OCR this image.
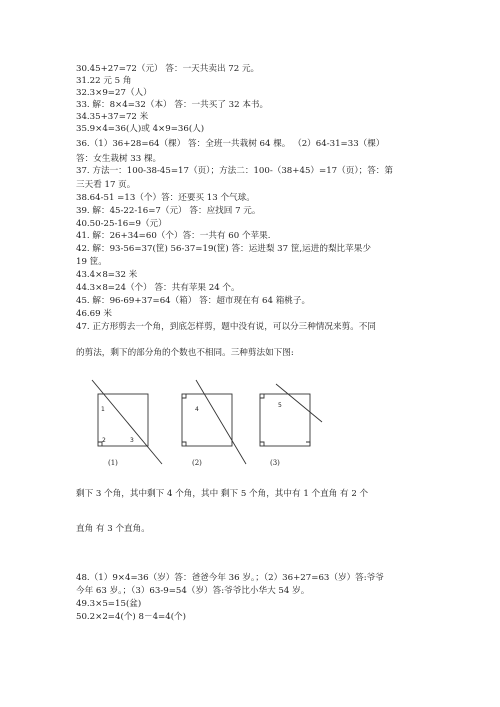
30.45+27=72（元） 答：一天共卖出 72 元。
31.22 元 5 角
32.3×9=27（人）
33. 解：8×4=32（本） 答：一共买了 32 本书。
34.35+37=72 米
35.9×4=36(人)或 4×9=36(人)
36.（1）36+28=64（棵） 答：全班一共栽树 64 棵。 （2）64-31=33（棵）
答：女生栽树 33 棵。
37. 方法一：100-38-45=17（页）；方法二：100-（38+45）=17（页）；答：第
三天看 17 页。
38.64-51 =13（个）答：还要买 13 个气球。
39. 解：45-22-16=7（元） 答：应找回 7 元。
40.50-25-16=9（元）
41. 解：26+34=60（个）答：一共有 60 个苹果.
42. 解：93-56=37(筐) 56-37=19(筐) 答：运进梨 37 筐,运进的梨比苹果少
19 筐。
43.4×8=32 米
44.3×8=24（个） 答：共有苹果 24 个。
45. 解：96-69+37=64（箱） 答：超市现在有 64 箱桃子。
46.69 米
47. 正方形剪去一个角，到底怎样剪，题中没有说，可以分三种情况来剪。不同
的剪法，剩下的部分角的个数也不相同。三种剪法如下图:
1
2	3
4
5
(1)	(2)	(3)
剩下 3 个角，其中剩下 4 个角，其中 剩下 5 个角，其中有 1 个直角 有 2 个
直角 有 3 个直角。
48.（1）9×4=36（岁）答：爸爸今年 36 岁。；（2）36+27=63（岁）答:爷爷
今年 63 岁。；（3）63-9=54（岁）答:爷爷比小华大 54 岁。
49.3×5=15(盆)
50.2×2=4(个) 8－4=4(个)
